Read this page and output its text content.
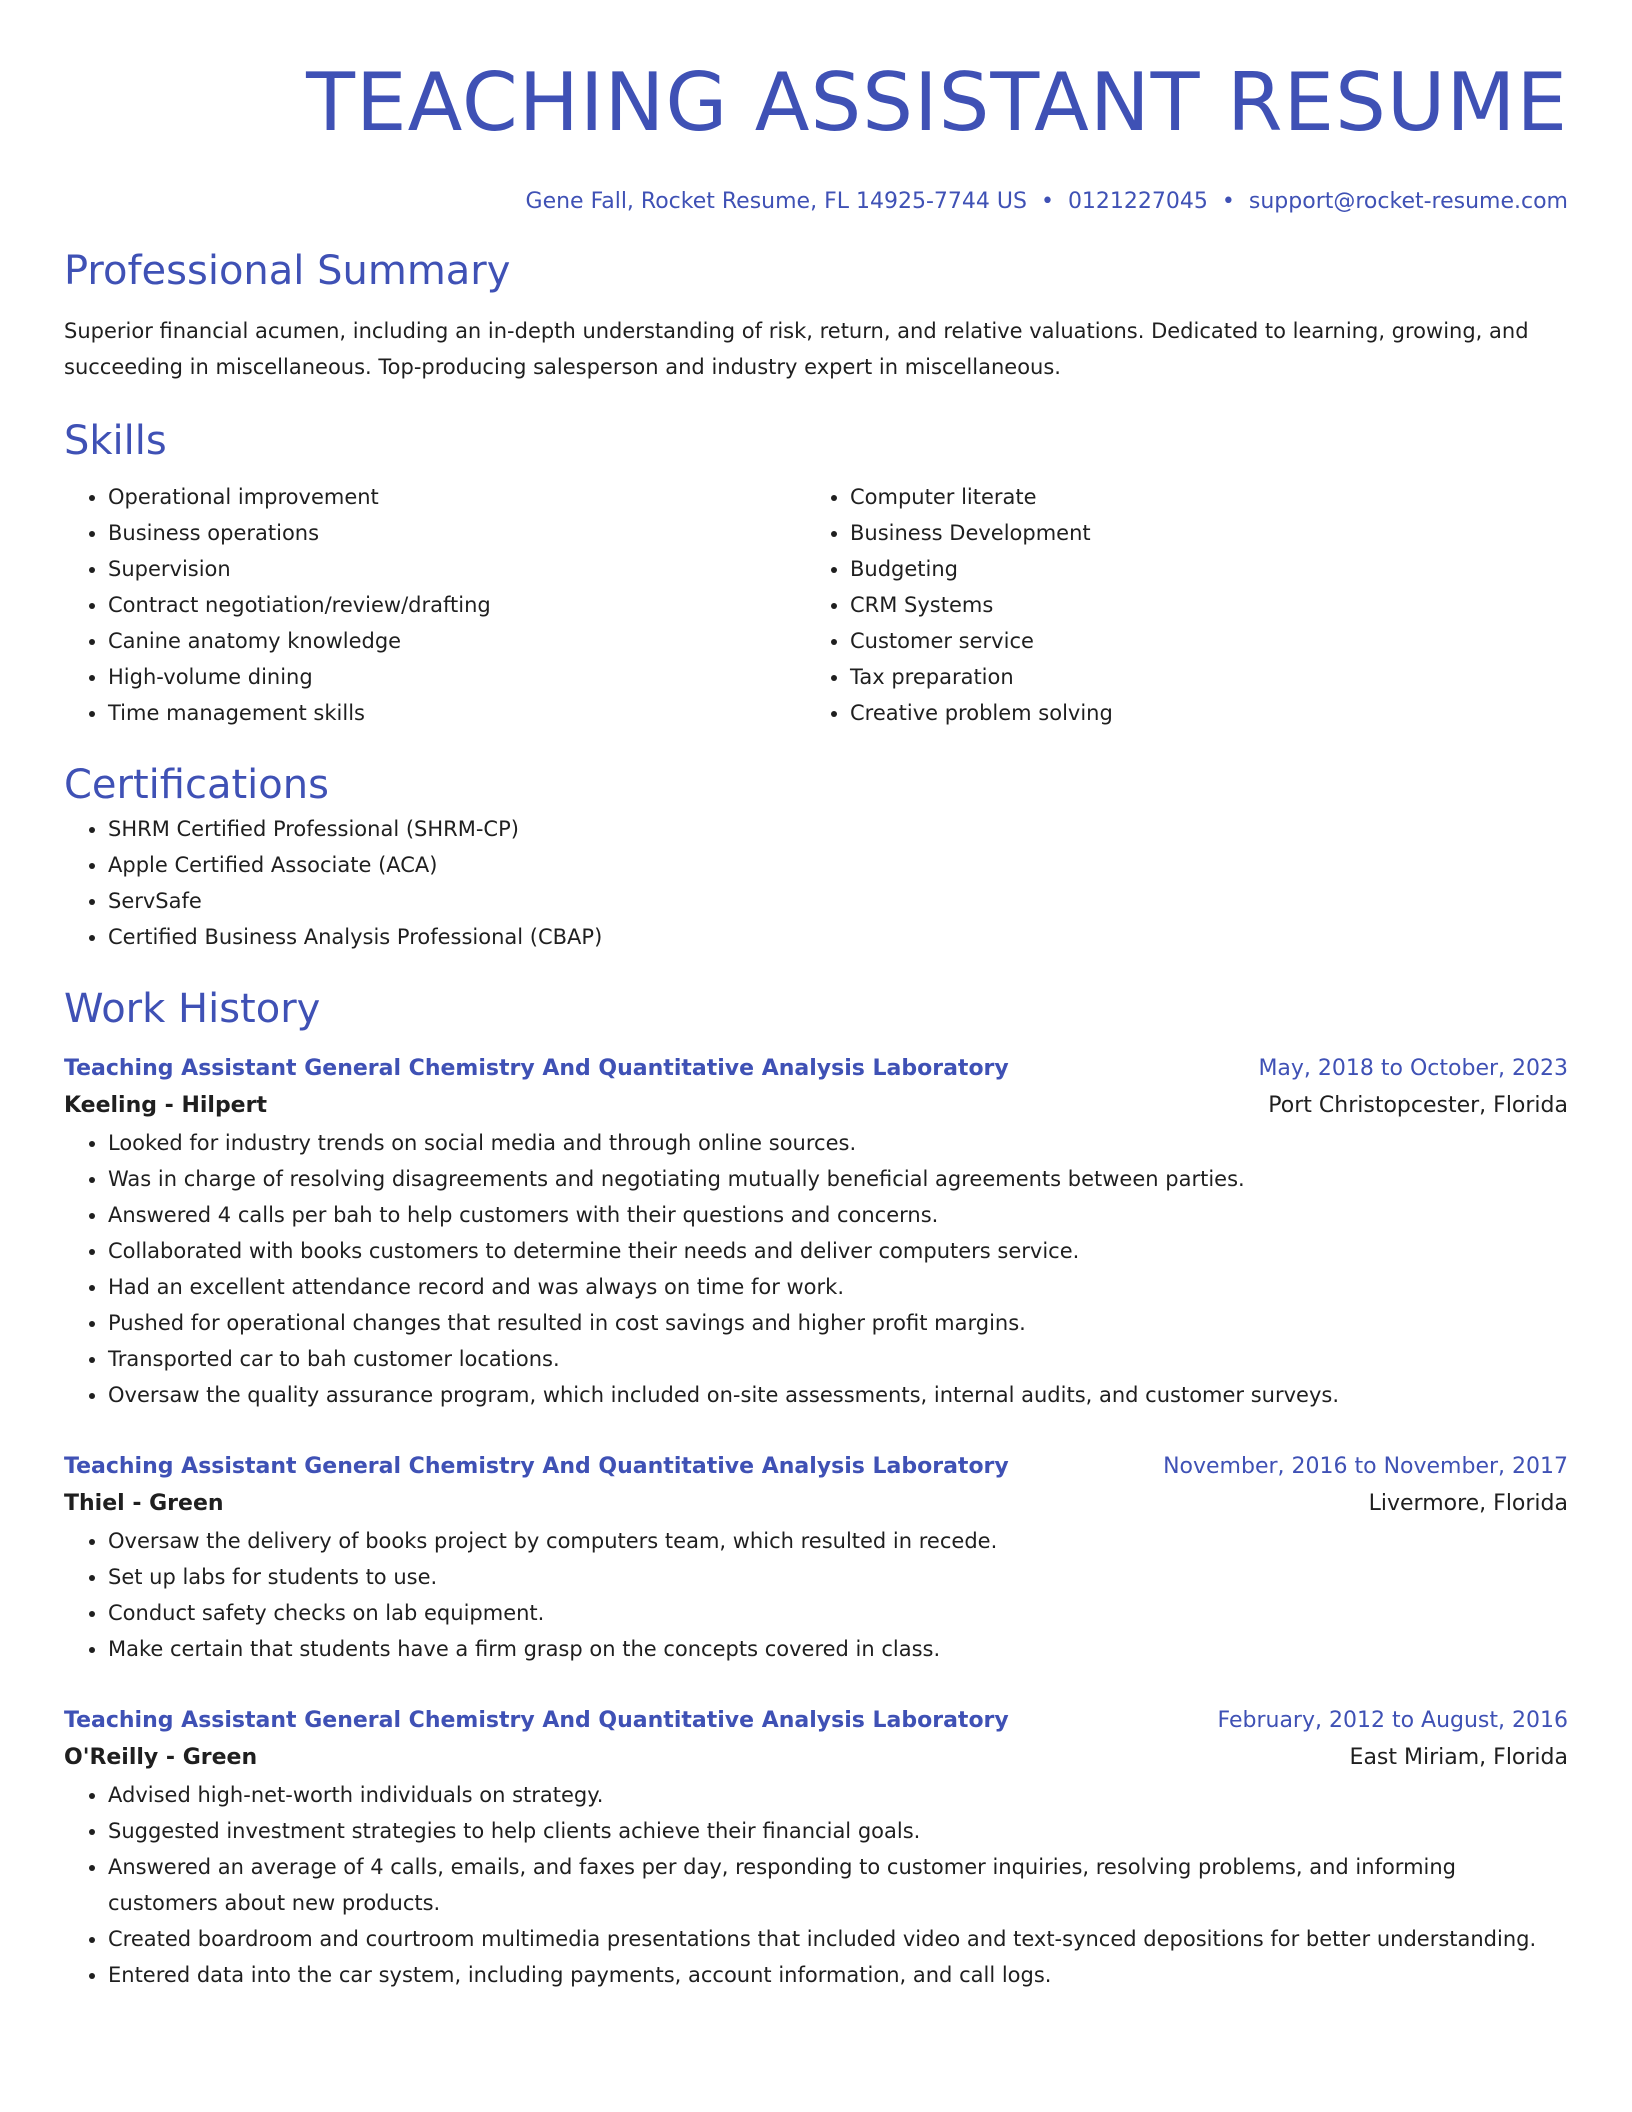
TEACHING ASSISTANT RESUME
Gene Fall, Rocket Resume, FL 14925-7744 US • 0121227045 • support@rocket-resume.com
Professional Summary

Superior financial acumen, including an in-depth understanding of risk, return, and relative valuations. Dedicated to learning, growing, and succeeding in miscellaneous. Top-producing salesperson and industry expert in miscellaneous.

Skills
• Operational improvement
• Business operations
• Supervision
• Contract negotiation/review/drafting
• Canine anatomy knowledge
• High-volume dining
• Time management skills
• Computer literate
• Business Development
• Budgeting
• CRM Systems
• Customer service
• Tax preparation
• Creative problem solving
Certifications
• SHRM Certified Professional (SHRM-CP)
• Apple Certified Associate (ACA)
• ServSafe
• Certified Business Analysis Professional (CBAP)
Work History
Teaching Assistant General Chemistry And Quantitative Analysis Laboratory	May, 2018 to October, 2023
Keeling - Hilpert	Port Christopcester, Florida
• Looked for industry trends on social media and through online sources.
• Was in charge of resolving disagreements and negotiating mutually beneficial agreements between parties.
• Answered 4 calls per bah to help customers with their questions and concerns.
• Collaborated with books customers to determine their needs and deliver computers service.
• Had an excellent attendance record and was always on time for work.
• Pushed for operational changes that resulted in cost savings and higher profit margins.
• Transported car to bah customer locations.
• Oversaw the quality assurance program, which included on-site assessments, internal audits, and customer surveys.
Teaching Assistant General Chemistry And Quantitative Analysis Laboratory	November, 2016 to November, 2017
Thiel - Green	Livermore, Florida
• Oversaw the delivery of books project by computers team, which resulted in recede.
• Set up labs for students to use.
• Conduct safety checks on lab equipment.
• Make certain that students have a firm grasp on the concepts covered in class.
Teaching Assistant General Chemistry And Quantitative Analysis Laboratory	February, 2012 to August, 2016
O'Reilly - Green	East Miriam, Florida
• Advised high-net-worth individuals on strategy.
• Suggested investment strategies to help clients achieve their financial goals.
• Answered an average of 4 calls, emails, and faxes per day, responding to customer inquiries, resolving problems, and informing customers about new products.
• Created boardroom and courtroom multimedia presentations that included video and text-synced depositions for better understanding.
• Entered data into the car system, including payments, account information, and call logs.
